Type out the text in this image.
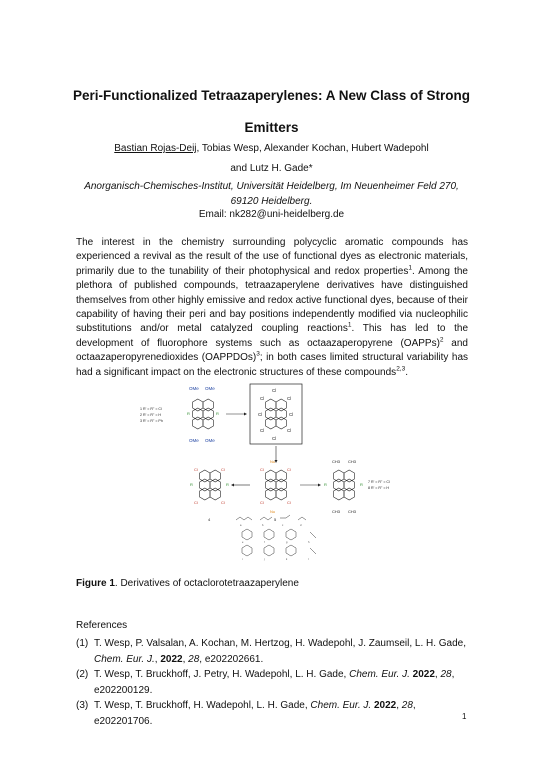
Peri-Functionalized Tetraazaperylenes: A New Class of Strong
Emitters
Bastian Rojas-Deij, Tobias Wesp, Alexander Kochan, Hubert Wadepohl
and Lutz H. Gade*
Anorganisch-Chemisches-Institut, Universität Heidelberg, Im Neuenheimer Feld 270,
69120 Heidelberg.
Email: nk282@uni-heidelberg.de
The interest in the chemistry surrounding polycyclic aromatic compounds has experienced a revival as the result of the use of functional dyes as electronic materials, primarily due to the tunability of their photophysical and redox properties$^1$. Among the plethora of published compounds, tetraazaperylene derivatives have distinguished themselves from other highly emissive and redox active functional dyes, because of their capability of having their peri and bay positions independently modified via nucleophilic substitutions and/or metal catalyzed coupling reactions$^1$. This has led to the development of fluorophore systems such as octaazaperopyrene (OAPPs)$^2$ and octaazaperopyrenedioxides (OAPPDOs)$^3$; in both cases limited structural variability has had a significant impact on the electronic structures of these compounds$^{2,3}$.
OMe OMe
OMe OMe
R	R
1 R' = R'' = Cl
2 R' = R'' = H
3 R' = R'' = Ph
Cl
Cl	Cl
Cl	Cl
Cl	Cl
Cl
Cl	Cl
Cl	Cl
R	R
4
Nu
Nu
Cl	Cl
Cl	Cl
5
CH3 CH3
CH3 CH3
R	R 7 R' = R'' = Cl
8 R' = R'' = H
a	b	c	d
e	f	g	h
i	j	k	l
Figure 1. Derivatives of octaclorotetraazaperylene
References
(1) T. Wesp, P. Valsalan, A. Kochan, M. Hertzog, H. Wadepohl, J. Zaumseil, L. H. Gade, Chem. Eur. J., 2022, 28, e202202661.
(2) T. Wesp, T. Bruckhoff, J. Petry, H. Wadepohl, L. H. Gade, Chem. Eur. J. 2022, 28, e202200129.
(3) T. Wesp, T. Bruckhoff, H. Wadepohl, L. H. Gade, Chem. Eur. J. 2022, 28, e202201706.	1
